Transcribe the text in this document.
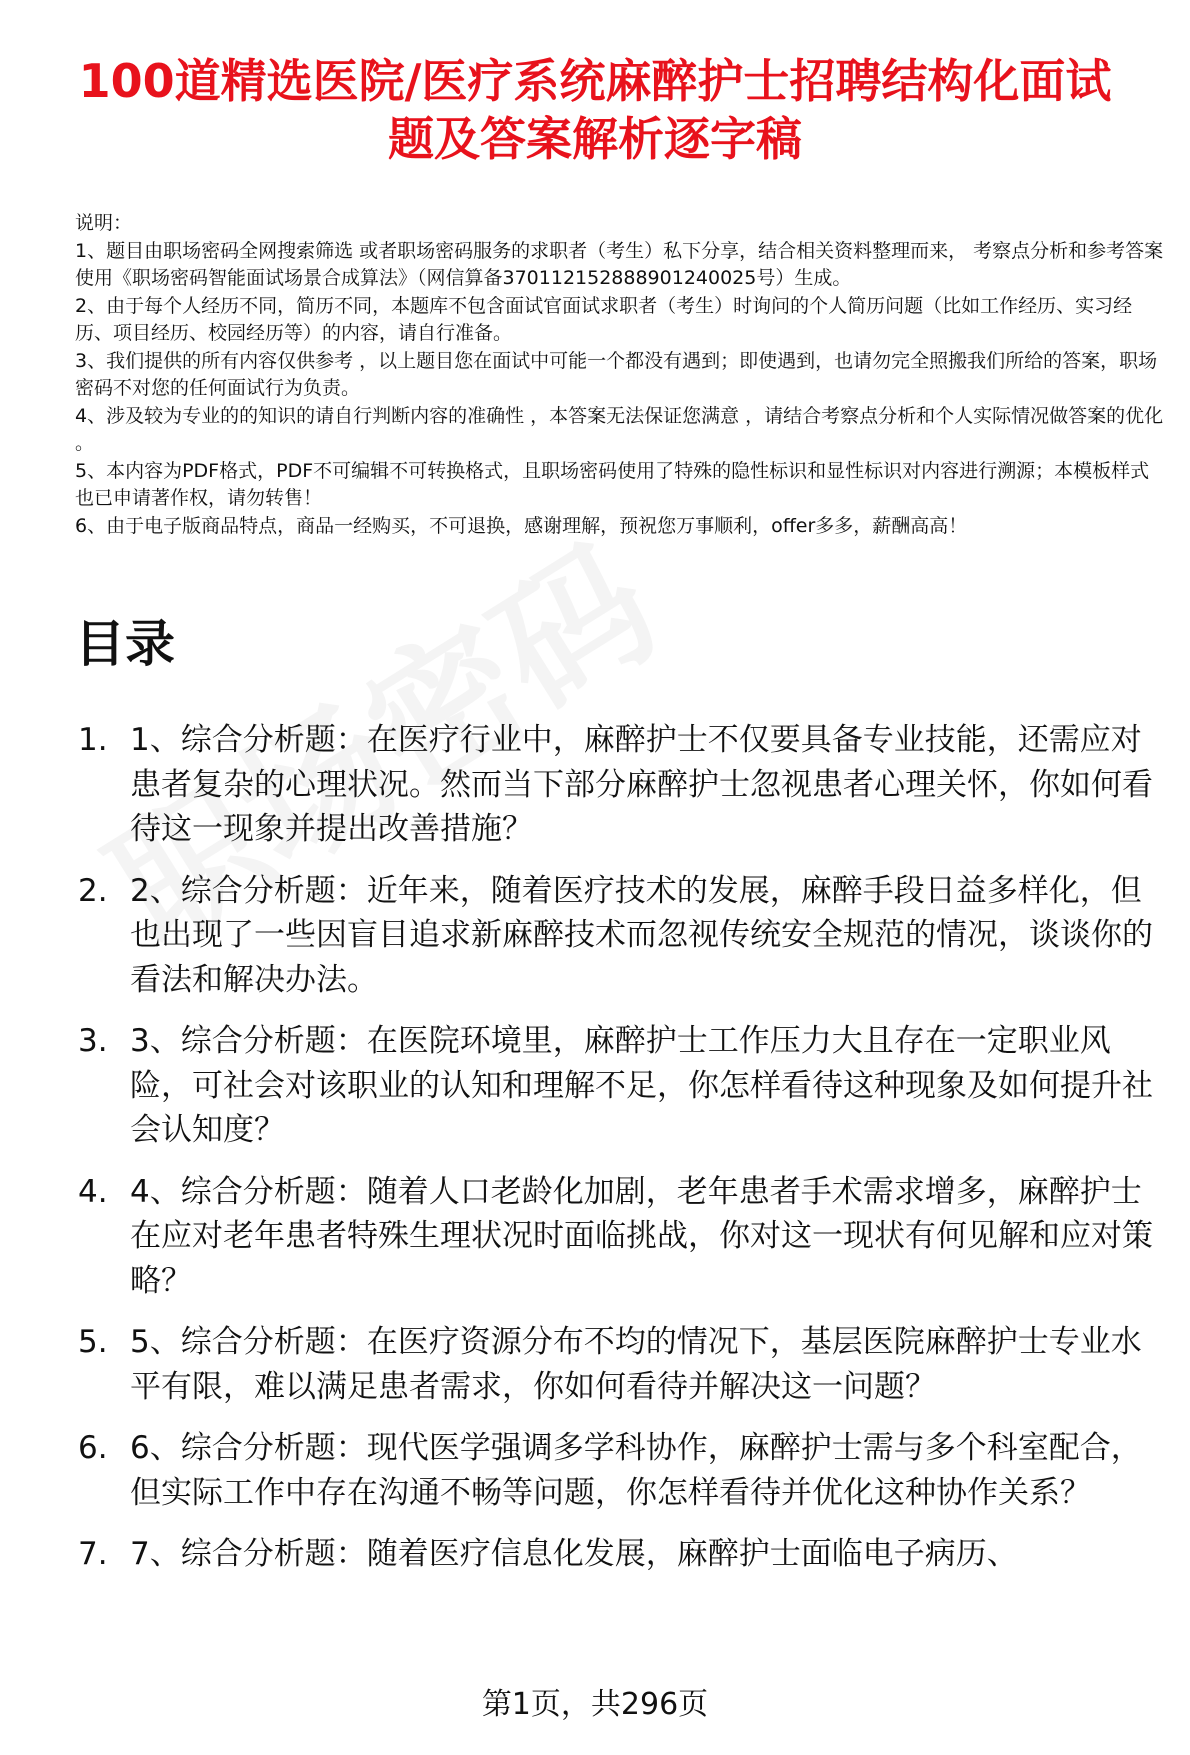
100道精选医院/医疗系统麻醉护士招聘结构化面试题及答案解析逐字稿

说明：

1、题目由职场密码全网搜索筛选 或者职场密码服务的求职者（考生）私下分享，结合相关资料整理而来， 考察点分析和参考答案使用《职场密码智能面试场景合成算法》（网信算备370112152888901240025号）生成。

2、由于每个人经历不同，简历不同，本题库不包含面试官面试求职者（考生）时询问的个人简历问题（比如工作经历、实习经历、项目经历、校园经历等）的内容，请自行准备。

3、我们提供的所有内容仅供参考 ，以上题目您在面试中可能一个都没有遇到；即使遇到，也请勿完全照搬我们所给的答案，职场密码不对您的任何面试行为负责。

4、涉及较为专业的的知识的请自行判断内容的准确性 ，本答案无法保证您满意 ，请结合考察点分析和个人实际情况做答案的优化 。

5、本内容为PDF格式，PDF不可编辑不可转换格式，且职场密码使用了特殊的隐性标识和显性标识对内容进行溯源；本模板样式也已申请著作权，请勿转售！

6、由于电子版商品特点，商品一经购买，不可退换，感谢理解，预祝您万事顺利，offer多多，薪酬高高！

目录
1. 1、综合分析题：在医疗行业中，麻醉护士不仅要具备专业技能，还需应对患者复杂的心理状况。然而当下部分麻醉护士忽视患者心理关怀，你如何看待这一现象并提出改善措施？
2. 2、综合分析题：近年来，随着医疗技术的发展，麻醉手段日益多样化，但也出现了一些因盲目追求新麻醉技术而忽视传统安全规范的情况，谈谈你的看法和解决办法。
3. 3、综合分析题：在医院环境里，麻醉护士工作压力大且存在一定职业风险，可社会对该职业的认知和理解不足，你怎样看待这种现象及如何提升社会认知度？
4. 4、综合分析题：随着人口老龄化加剧，老年患者手术需求增多，麻醉护士在应对老年患者特殊生理状况时面临挑战，你对这一现状有何见解和应对策略？
5. 5、综合分析题：在医疗资源分布不均的情况下，基层医院麻醉护士专业水平有限，难以满足患者需求，你如何看待并解决这一问题？
6. 6、综合分析题：现代医学强调多学科协作，麻醉护士需与多个科室配合，但实际工作中存在沟通不畅等问题，你怎样看待并优化这种协作关系？
7. 7、综合分析题：随着医疗信息化发展，麻醉护士面临电子病历、
第1页，共296页
